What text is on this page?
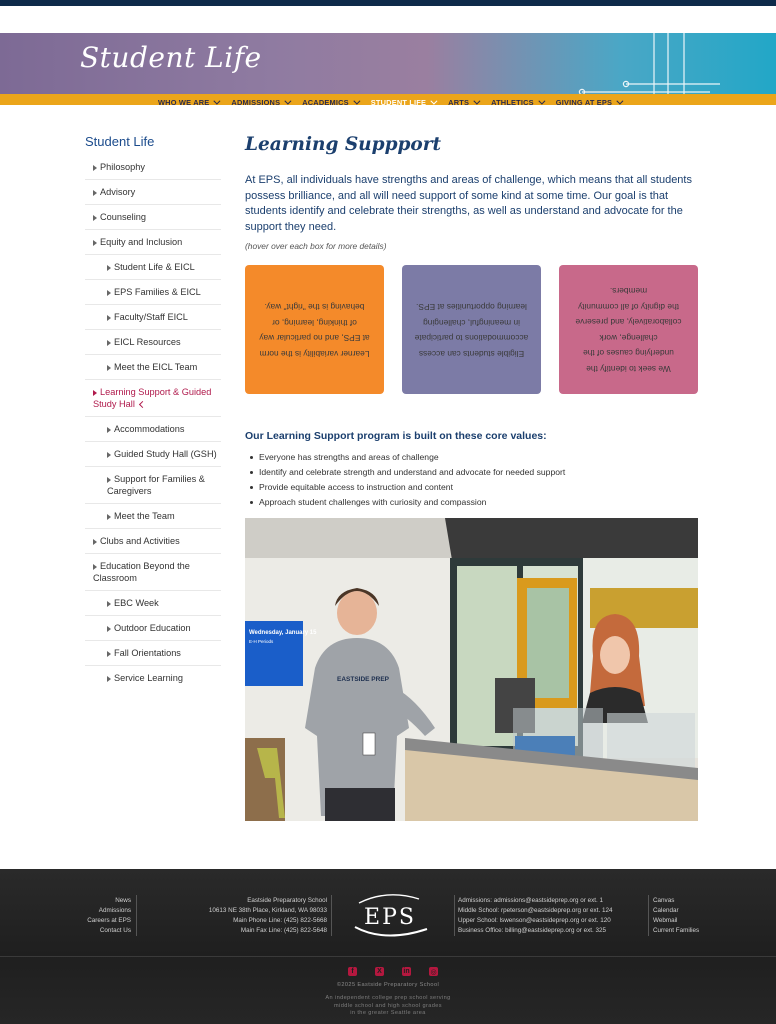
Student Life
WHO WE ARE	ADMISSIONS	ACADEMICS	STUDENT LIFE	ARTS	ATHLETICS	GIVING AT EPS
Student Life
Philosophy
Advisory
Counseling
Equity and Inclusion
Student Life & EICL
EPS Families & EICL
Faculty/Staff EICL
EICL Resources
Meet the EICL Team
Learning Support & Guided Study Hall
Accommodations
Guided Study Hall (GSH)
Support for Families & Caregivers
Meet the Team
Clubs and Activities
Education Beyond the Classroom
EBC Week
Outdoor Education
Fall Orientations
Service Learning
Learning Suppport

At EPS, all individuals have strengths and areas of challenge, which means that all students possess brilliance, and all will need support of some kind at some time. Our goal is that students identify and celebrate their strengths, as well as understand and advocate for the support they need.

(hover over each box for more details)

Learner variability is the norm at EPS, and no particular way of thinking, learning, or behaving is the "right" way.

Eligible students can access accommodations to participate in meaningful, challenging learning opportunities at EPS.

We seek to identify the underlying causes of the challenge, work collaboratively, and preserve the dignity of all community members.

Our Learning Support program is built on these core values:
Everyone has strengths and areas of challenge
Identify and celebrate strength and understand and advocate for needed support
Provide equitable access to instruction and content
Approach student challenges with curiosity and compassion
Wednesday, January 15
E-H Periods
EASTSIDE PREP
News
Admissions
Careers at EPS
Contact Us
Eastside Preparatory School
10613 NE 38th Place, Kirkland, WA 98033
Main Phone Line: (425) 822-5668
Main Fax Line: (425) 822-5648
EPS
Admissions: admissions@eastsideprep.org or ext. 1
Middle School: rpeterson@eastsideprep.org or ext. 124
Upper School: lswenson@eastsideprep.org or ext. 120
Business Office: billing@eastsideprep.org or ext. 325
Canvas
Calendar
Webmail
Current Families
f	X	in	◎
©2025 Eastside Preparatory School
An independent college prep school serving
middle school and high school grades
in the greater Seattle area
